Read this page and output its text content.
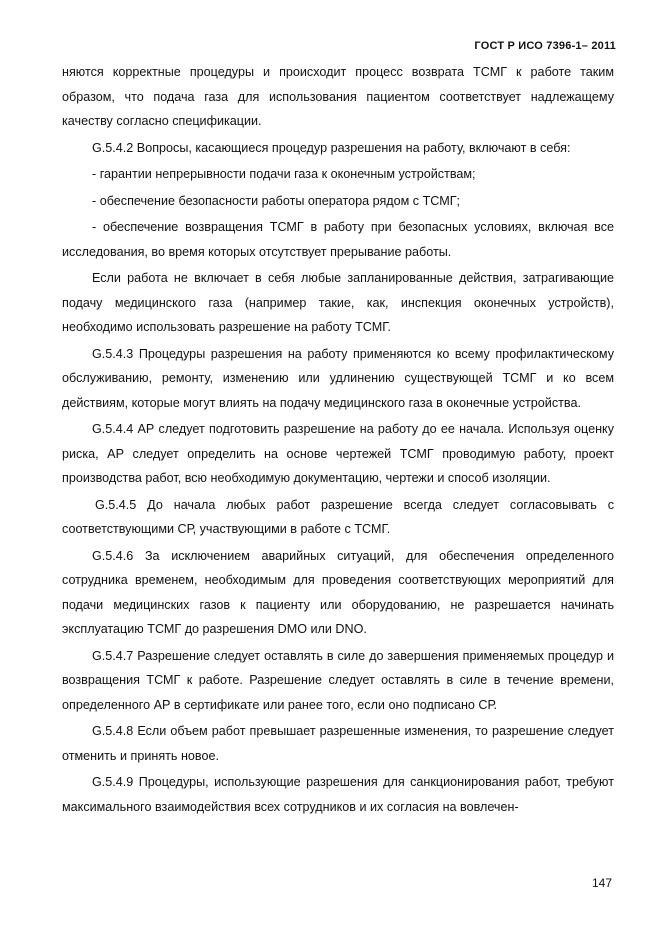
ГОСТ Р ИСО 7396-1– 2011

няются корректные процедуры и происходит процесс возврата ТСМГ к работе таким образом, что подача газа для использования пациентом соответствует надлежащему качеству согласно спецификации.

G.5.4.2 Вопросы, касающиеся процедур разрешения на работу, включают в себя:

- гарантии непрерывности подачи газа к оконечным устройствам;

- обеспечение безопасности работы оператора рядом с ТСМГ;

- обеспечение возвращения ТСМГ в работу при безопасных условиях, включая все исследования, во время которых отсутствует прерывание работы.

Если работа не включает в себя любые запланированные действия, затрагивающие подачу медицинского газа (например такие, как, инспекция оконечных устройств), необходимо использовать разрешение на работу ТСМГ.

G.5.4.3 Процедуры разрешения на работу применяются ко всему профилактическому обслуживанию, ремонту, изменению или удлинению существующей ТСМГ и ко всем действиям, которые могут влиять на подачу медицинского газа в оконечные устройства.

G.5.4.4 АР следует подготовить разрешение на работу до ее начала. Используя оценку риска, АР следует определить на основе чертежей ТСМГ проводимую работу, проект производства работ, всю необходимую документацию, чертежи и способ изоляции.

G.5.4.5 До начала любых работ разрешение всегда следует согласовывать с соответствующими СР, участвующими в работе с ТСМГ.

G.5.4.6 За исключением аварийных ситуаций, для обеспечения определенного сотрудника временем, необходимым для проведения соответствующих мероприятий для подачи медицинских газов к пациенту или оборудованию, не разрешается начинать эксплуатацию ТСМГ до разрешения DMO или DNO.

G.5.4.7 Разрешение следует оставлять в силе до завершения применяемых процедур и возвращения ТСМГ к работе. Разрешение следует оставлять в силе в течение времени, определенного АР в сертификате или ранее того, если оно подписано СР.

G.5.4.8 Если объем работ превышает разрешенные изменения, то разрешение следует отменить и принять новое.

G.5.4.9 Процедуры, использующие разрешения для санкционирования работ, требуют максимального взаимодействия всех сотрудников и их согласия на вовлечен-

147
